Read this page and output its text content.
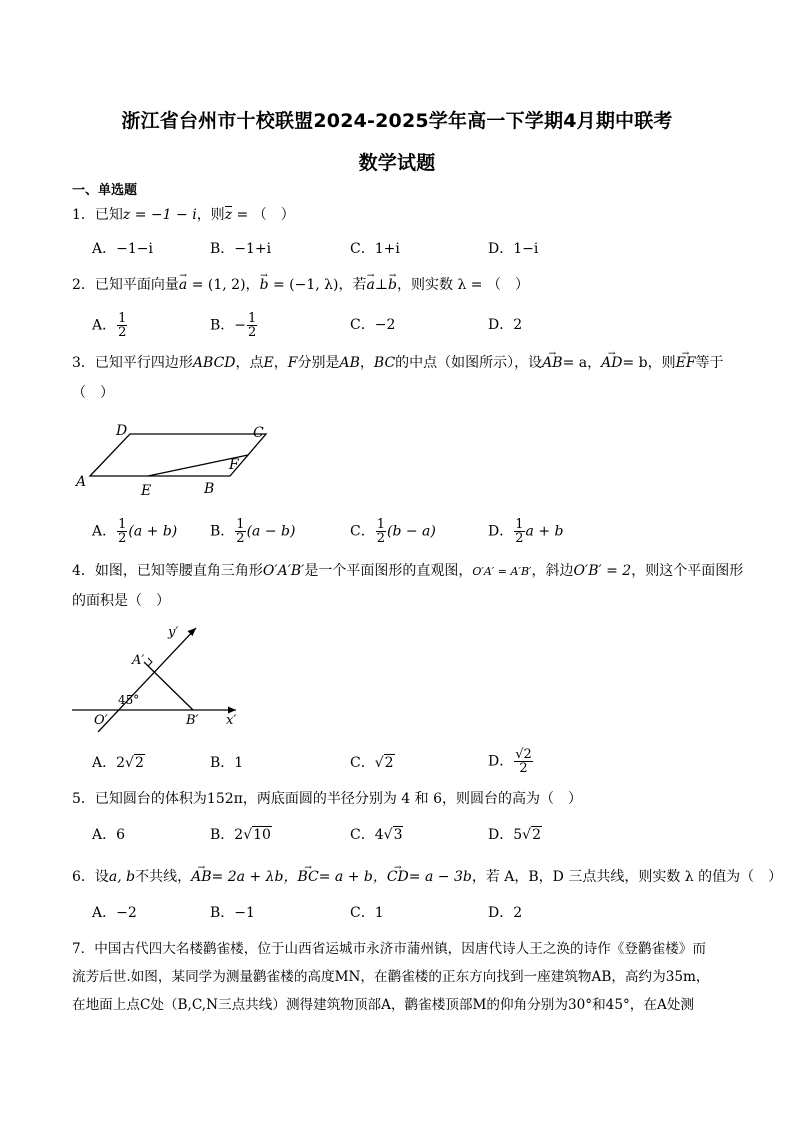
浙江省台州市十校联盟2024-2025学年高一下学期4月期中联考
数学试题
一、单选题
1．已知z = −1 − i，则z = （　）
A．−1−i	B．−1+i	C．1+i	D．1−i
2．已知平面向量→ a = (1, 2)，→ b = (−1, λ)，若→ a⊥→ b，则实数 λ = （　）
A． $\frac{1}{2}$	B．− $\frac{1}{2}$	C．−2	D．2
3．已知平行四边形ABCD，点E，F分别是AB，BC的中点（如图所示），设→ AB= a，→ AD= b，则→ EF等于
（　）
A
D	C
F
E	B
A． $\frac{1}{2} (a + b)$ B． $\frac{1}{2} (a - b)$	C． $\frac{1}{2} (b - a)$	D． $\frac{1}{2}$ a + b
4．如图，已知等腰直角三角形O′A′B′是一个平面图形的直观图，O′A′ = A′B′，斜边O′B′ = 2，则这个平面图形
的面积是（　）
y′
A′
45°
O′	B′ x′
A．2√2	B．1	C．√2	D． $\frac{√2}{2}$
5．已知圆台的体积为152π，两底面圆的半径分别为 4 和 6，则圆台的高为（　）
A．6	B．2√10	C．4√3	D．5√2
6．设a, b不共线，→ AB= 2a + λb，→ BC= a + b，→ CD= a − 3b，若 A，B，D 三点共线，则实数 λ 的值为（　）
A．−2	B．−1	C．1	D．2
7．中国古代四大名楼鹳雀楼，位于山西省运城市永济市蒲州镇，因唐代诗人王之涣的诗作《登鹳雀楼》而
流芳后世.如图，某同学为测量鹳雀楼的高度MN，在鹳雀楼的正东方向找到一座建筑物AB，高约为35m，
在地面上点C处（B,C,N三点共线）测得建筑物顶部A，鹳雀楼顶部M的仰角分别为30°和45°，在A处测
